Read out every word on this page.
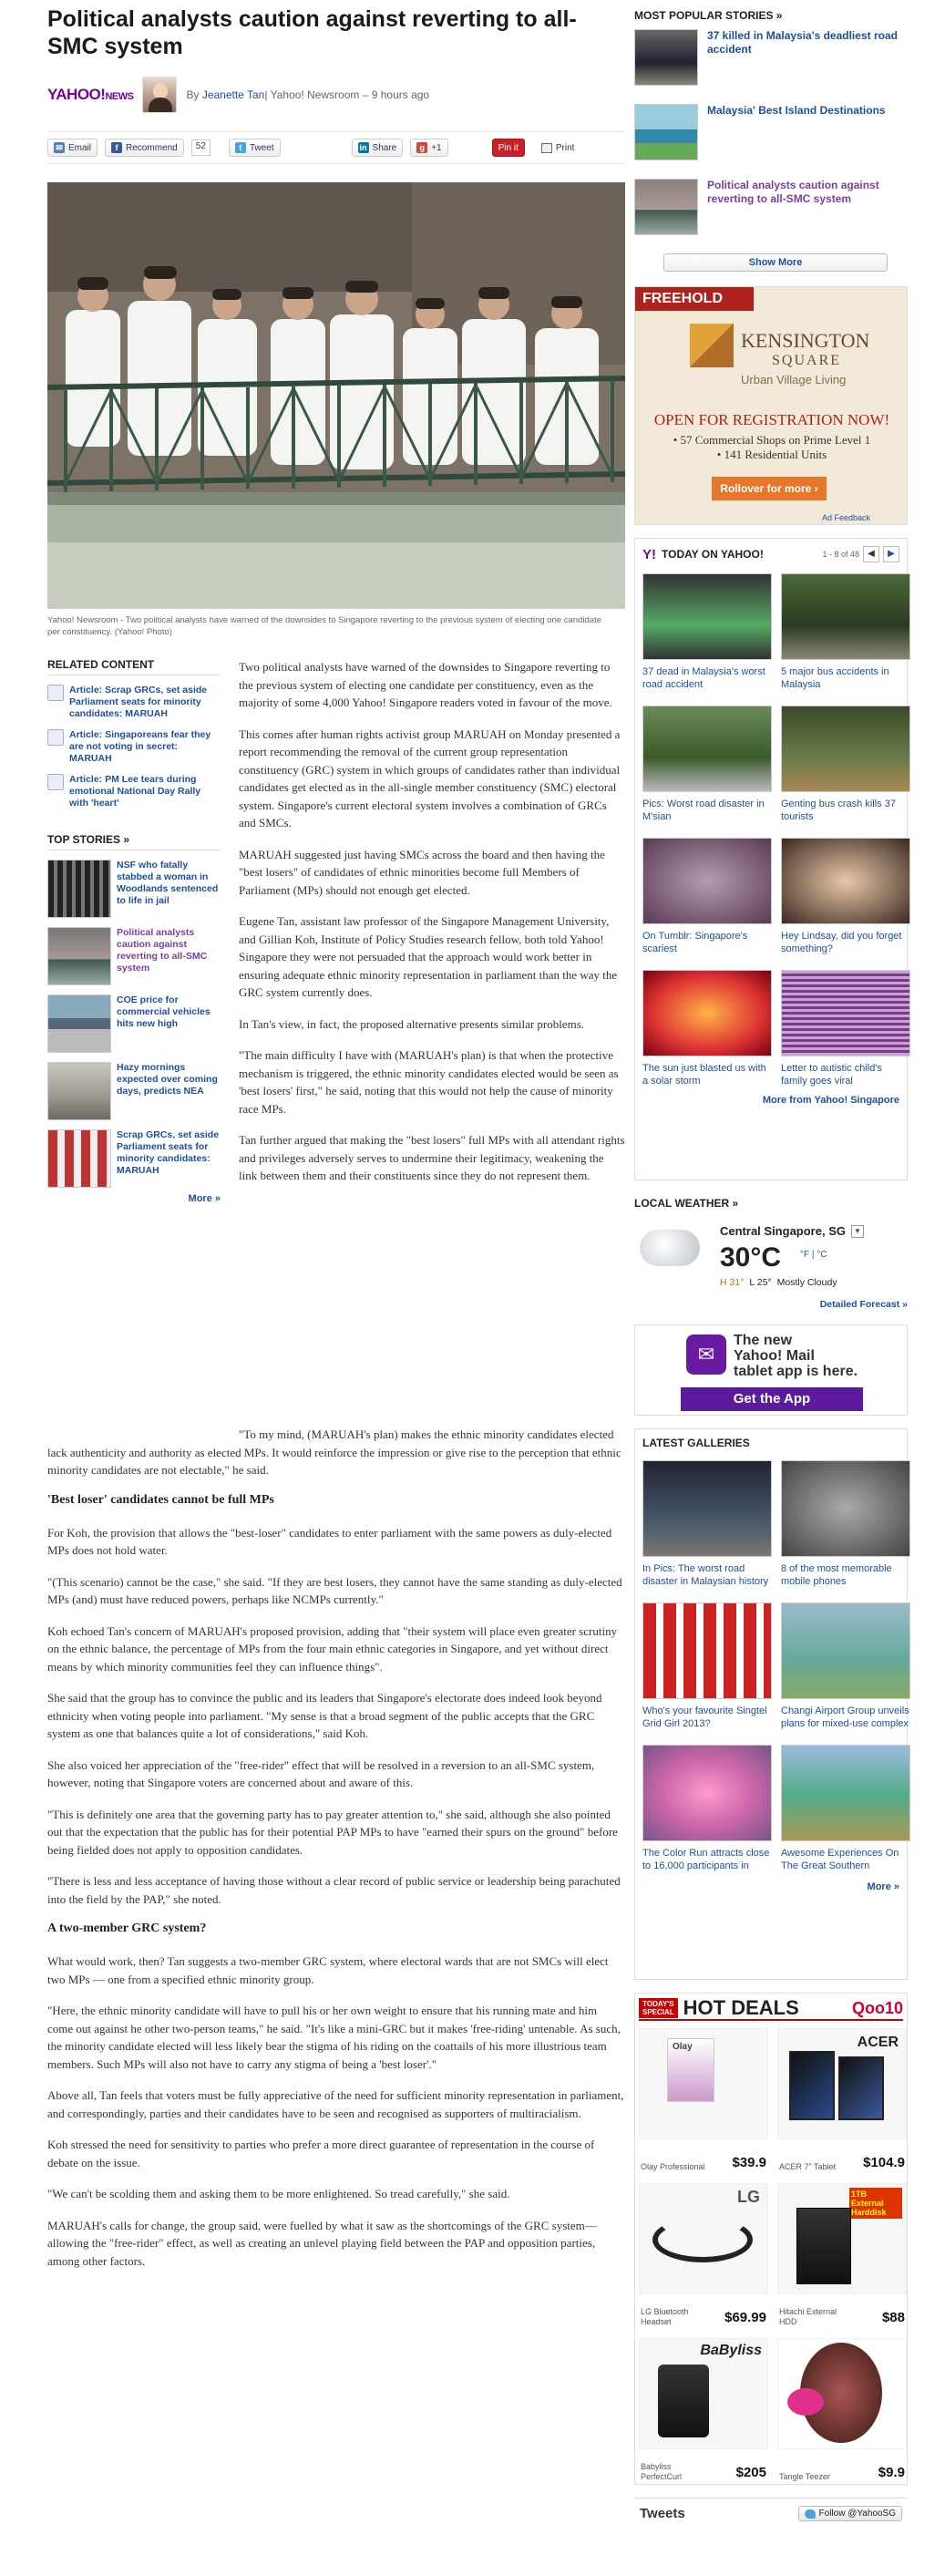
Political analysts caution against reverting to all-SMC system
YAHOO!NEWS	By
Jeanette Tan | Yahoo! Newsroom – 9 hours ago
✉ Email	f Recommend	52	t Tweet	in Share	g +1	Pin it	Print
Yahoo! Newsroom - Two political analysts have warned of the downsides to Singapore reverting to the previous system of electing one candidate per constituency. (Yahoo! Photo)
RELATED CONTENT
Article: Scrap GRCs, set aside Parliament seats for minority candidates: MARUAH
Article: Singaporeans fear they are not voting in secret: MARUAH
Article: PM Lee tears during emotional National Day Rally with 'heart'
TOP STORIES »
NSF who fatally stabbed a woman in Woodlands sentenced to life in jail
Political analysts caution against reverting to all-SMC system
COE price for commercial vehicles hits new high
Hazy mornings expected over coming days, predicts NEA
Scrap GRCs, set aside Parliament seats for minority candidates: MARUAH
More »

Two political analysts have warned of the downsides to Singapore reverting to the previous system of electing one candidate per constituency, even as the majority of some 4,000 Yahoo! Singapore readers voted in favour of the move.

This comes after human rights activist group MARUAH on Monday presented a report recommending the removal of the current group representation constituency (GRC) system in which groups of candidates rather than individual candidates get elected as in the all-single member constituency (SMC) electoral system. Singapore's current electoral system involves a combination of GRCs and SMCs.

MARUAH suggested just having SMCs across the board and then having the "best losers" of candidates of ethnic minorities become full Members of Parliament (MPs) should not enough get elected.

Eugene Tan, assistant law professor of the Singapore Management University, and Gillian Koh, Institute of Policy Studies research fellow, both told Yahoo! Singapore they were not persuaded that the approach would work better in ensuring adequate ethnic minority representation in parliament than the way the GRC system currently does.

In Tan's view, in fact, the proposed alternative presents similar problems.

"The main difficulty I have with (MARUAH's plan) is that when the protective mechanism is triggered, the ethnic minority candidates elected would be seen as 'best losers' first," he said, noting that this would not help the cause of minority race MPs.

Tan further argued that making the "best losers" full MPs with all attendant rights and privileges adversely serves to undermine their legitimacy, weakening the link between them and their constituents since they do not represent them.

"To my mind, (MARUAH's plan) makes the ethnic minority candidates elected lack authenticity and authority as elected MPs. It would reinforce the impression or give rise to the perception that ethnic minority candidates are not electable," he said.

'Best loser' candidates cannot be full MPs

For Koh, the provision that allows the "best-loser" candidates to enter parliament with the same powers as duly-elected MPs does not hold water.

"(This scenario) cannot be the case," she said. "If they are best losers, they cannot have the same standing as duly-elected MPs (and) must have reduced powers, perhaps like NCMPs currently."

Koh echoed Tan's concern of MARUAH's proposed provision, adding that "their system will place even greater scrutiny on the ethnic balance, the percentage of MPs from the four main ethnic categories in Singapore, and yet without direct means by which minority communities feel they can influence things".

She said that the group has to convince the public and its leaders that Singapore's electorate does indeed look beyond ethnicity when voting people into parliament. "My sense is that a broad segment of the public accepts that the GRC system as one that balances quite a lot of considerations," said Koh.

She also voiced her appreciation of the "free-rider" effect that will be resolved in a reversion to an all-SMC system, however, noting that Singapore voters are concerned about and aware of this.

"This is definitely one area that the governing party has to pay greater attention to," she said, although she also pointed out that the expectation that the public has for their potential PAP MPs to have "earned their spurs on the ground" before being fielded does not apply to opposition candidates.

"There is less and less acceptance of having those without a clear record of public service or leadership being parachuted into the field by the PAP," she noted.

A two-member GRC system?

What would work, then? Tan suggests a two-member GRC system, where electoral wards that are not SMCs will elect two MPs — one from a specified ethnic minority group.

"Here, the ethnic minority candidate will have to pull his or her own weight to ensure that his running mate and him come out against he other two-person teams," he said. "It's like a mini-GRC but it makes 'free-riding' untenable. As such, the minority candidate elected will less likely bear the stigma of his riding on the coattails of his more illustrious team members. Such MPs will also not have to carry any stigma of being a 'best loser'."

Above all, Tan feels that voters must be fully appreciative of the need for sufficient minority representation in parliament, and correspondingly, parties and their candidates have to be seen and recognised as supporters of multiracialism.

Koh stressed the need for sensitivity to parties who prefer a more direct guarantee of representation in the course of debate on the issue.

"We can't be scolding them and asking them to be more enlightened. So tread carefully," she said.

MARUAH's calls for change, the group said, were fuelled by what it saw as the shortcomings of the GRC system—allowing the "free-rider" effect, as well as creating an unlevel playing field between the PAP and opposition parties, among other factors.

MOST POPULAR STORIES »
37 killed in Malaysia's deadliest road accident
Malaysia' Best Island Destinations
Political analysts caution against reverting to all-SMC system
Show More
FREEHOLD
KENSINGTON
SQUARE
Urban Village Living
OPEN FOR REGISTRATION NOW!
• 57 Commercial Shops on Prime Level 1
• 141 Residential Units
Rollover for more ›
Ad Feedback
Y! TODAY ON YAHOO!	1 - 8 of 48 ◀	▶
37 dead in Malaysia's worst road accident
5 major bus accidents in Malaysia
Pics: Worst road disaster in M'sian
Genting bus crash kills 37 tourists
On Tumblr: Singapore's scariest
Hey Lindsay, did you forget something?
The sun just blasted us with a solar storm
Letter to autistic child's family goes viral
More from Yahoo! Singapore
LOCAL WEATHER »
Central Singapore, SG	▼
30°C °F | °C
H 31° L 25° Mostly Cloudy
Detailed Forecast »
✉
The new
Yahoo! Mail
tablet app is here.
Get the App
LATEST GALLERIES
In Pics: The worst road disaster in Malaysian history
8 of the most memorable mobile phones
Who's your favourite Singtel Grid Girl 2013?
Changi Airport Group unveils plans for mixed-use complex
The Color Run attracts close to 16,000 participants in
Awesome Experiences On The Great Southern
More »
TODAY'S
SPECIAL HOT DEALS	Qoo10
Olay
Olay Professional	$39.9
ACER
ACER 7" Tablet	$104.9
LG
LG Bluetooth Headset	$69.99
1TB External Harddisk
Hitachi External HDD	$88
BaByliss
Babyliss PerfectCurl	$205 Tangle Teezer	$9.9
Tweets	Follow @YahooSG
